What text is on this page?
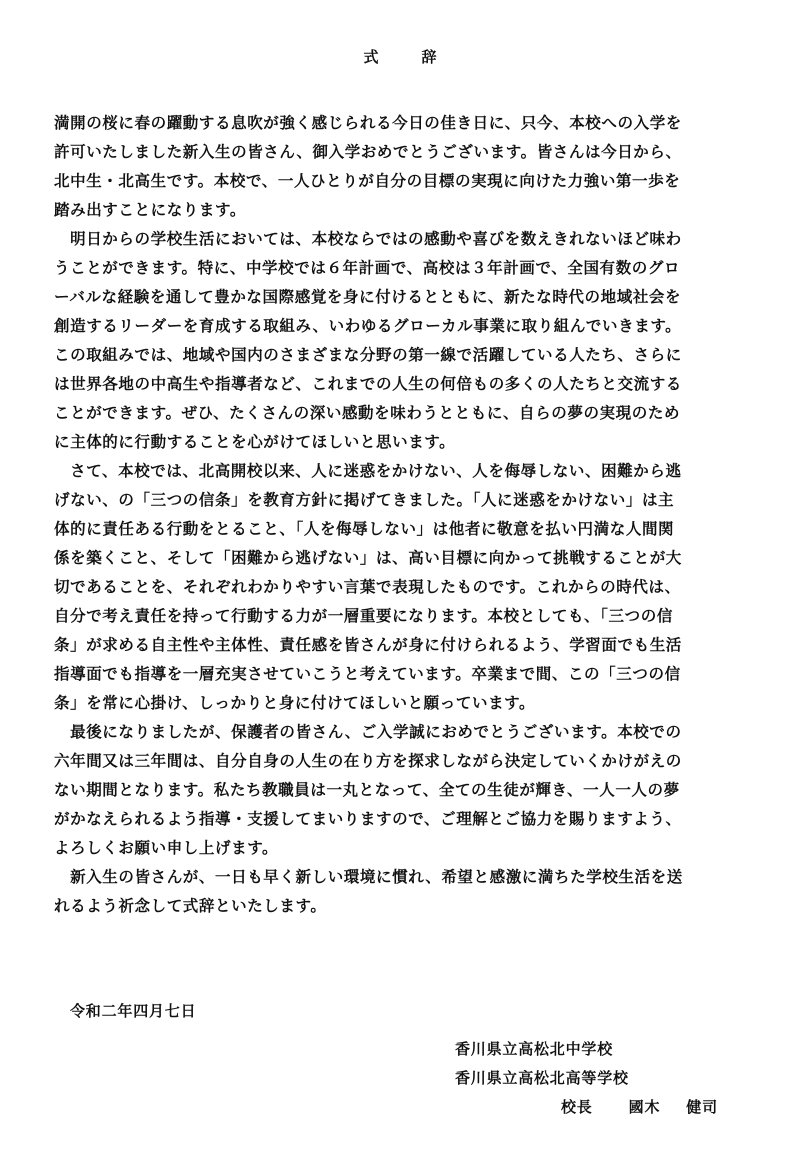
式　辞
満開の桜に春の躍動する息吹が強く感じられる今日の佳き日に、只今、本校への入学を
許可いたしました新入生の皆さん、御入学おめでとうございます。皆さんは今日から、
北中生・北高生です。本校で、一人ひとりが自分の目標の実現に向けた力強い第一歩を
踏み出すことになります。
　明日からの学校生活においては、本校ならではの感動や喜びを数えきれないほど味わ
うことができます。特に、中学校では６年計画で、高校は３年計画で、全国有数のグロ
ーバルな経験を通して豊かな国際感覚を身に付けるとともに、新たな時代の地域社会を
創造するリーダーを育成する取組み、いわゆるグローカル事業に取り組んでいきます。
この取組みでは、地域や国内のさまざまな分野の第一線で活躍している人たち、さらに
は世界各地の中高生や指導者など、これまでの人生の何倍もの多くの人たちと交流する
ことができます。ぜひ、たくさんの深い感動を味わうとともに、自らの夢の実現のため
に主体的に行動することを心がけてほしいと思います。
　さて、本校では、北高開校以来、人に迷惑をかけない、人を侮辱しない、困難から逃
げない、の「三つの信条」を教育方針に掲げてきました。「人に迷惑をかけない」は主
体的に責任ある行動をとること、「人を侮辱しない」は他者に敬意を払い円満な人間関
係を築くこと、そして「困難から逃げない」は、高い目標に向かって挑戦することが大
切であることを、それぞれわかりやすい言葉で表現したものです。これからの時代は、
自分で考え責任を持って行動する力が一層重要になります。本校としても、「三つの信
条」が求める自主性や主体性、責任感を皆さんが身に付けられるよう、学習面でも生活
指導面でも指導を一層充実させていこうと考えています。卒業まで間、この「三つの信
条」を常に心掛け、しっかりと身に付けてほしいと願っています。
　最後になりましたが、保護者の皆さん、ご入学誠におめでとうございます。本校での
六年間又は三年間は、自分自身の人生の在り方を探求しながら決定していくかけがえの
ない期間となります。私たち教職員は一丸となって、全ての生徒が輝き、一人一人の夢
がかなえられるよう指導・支援してまいりますので、ご理解とご協力を賜りますよう、
よろしくお願い申し上げます。
　新入生の皆さんが、一日も早く新しい環境に慣れ、希望と感激に満ちた学校生活を送
れるよう祈念して式辞といたします。
令和二年四月七日
香川県立高松北中学校
香川県立高松北高等学校
校長 國木 健司
